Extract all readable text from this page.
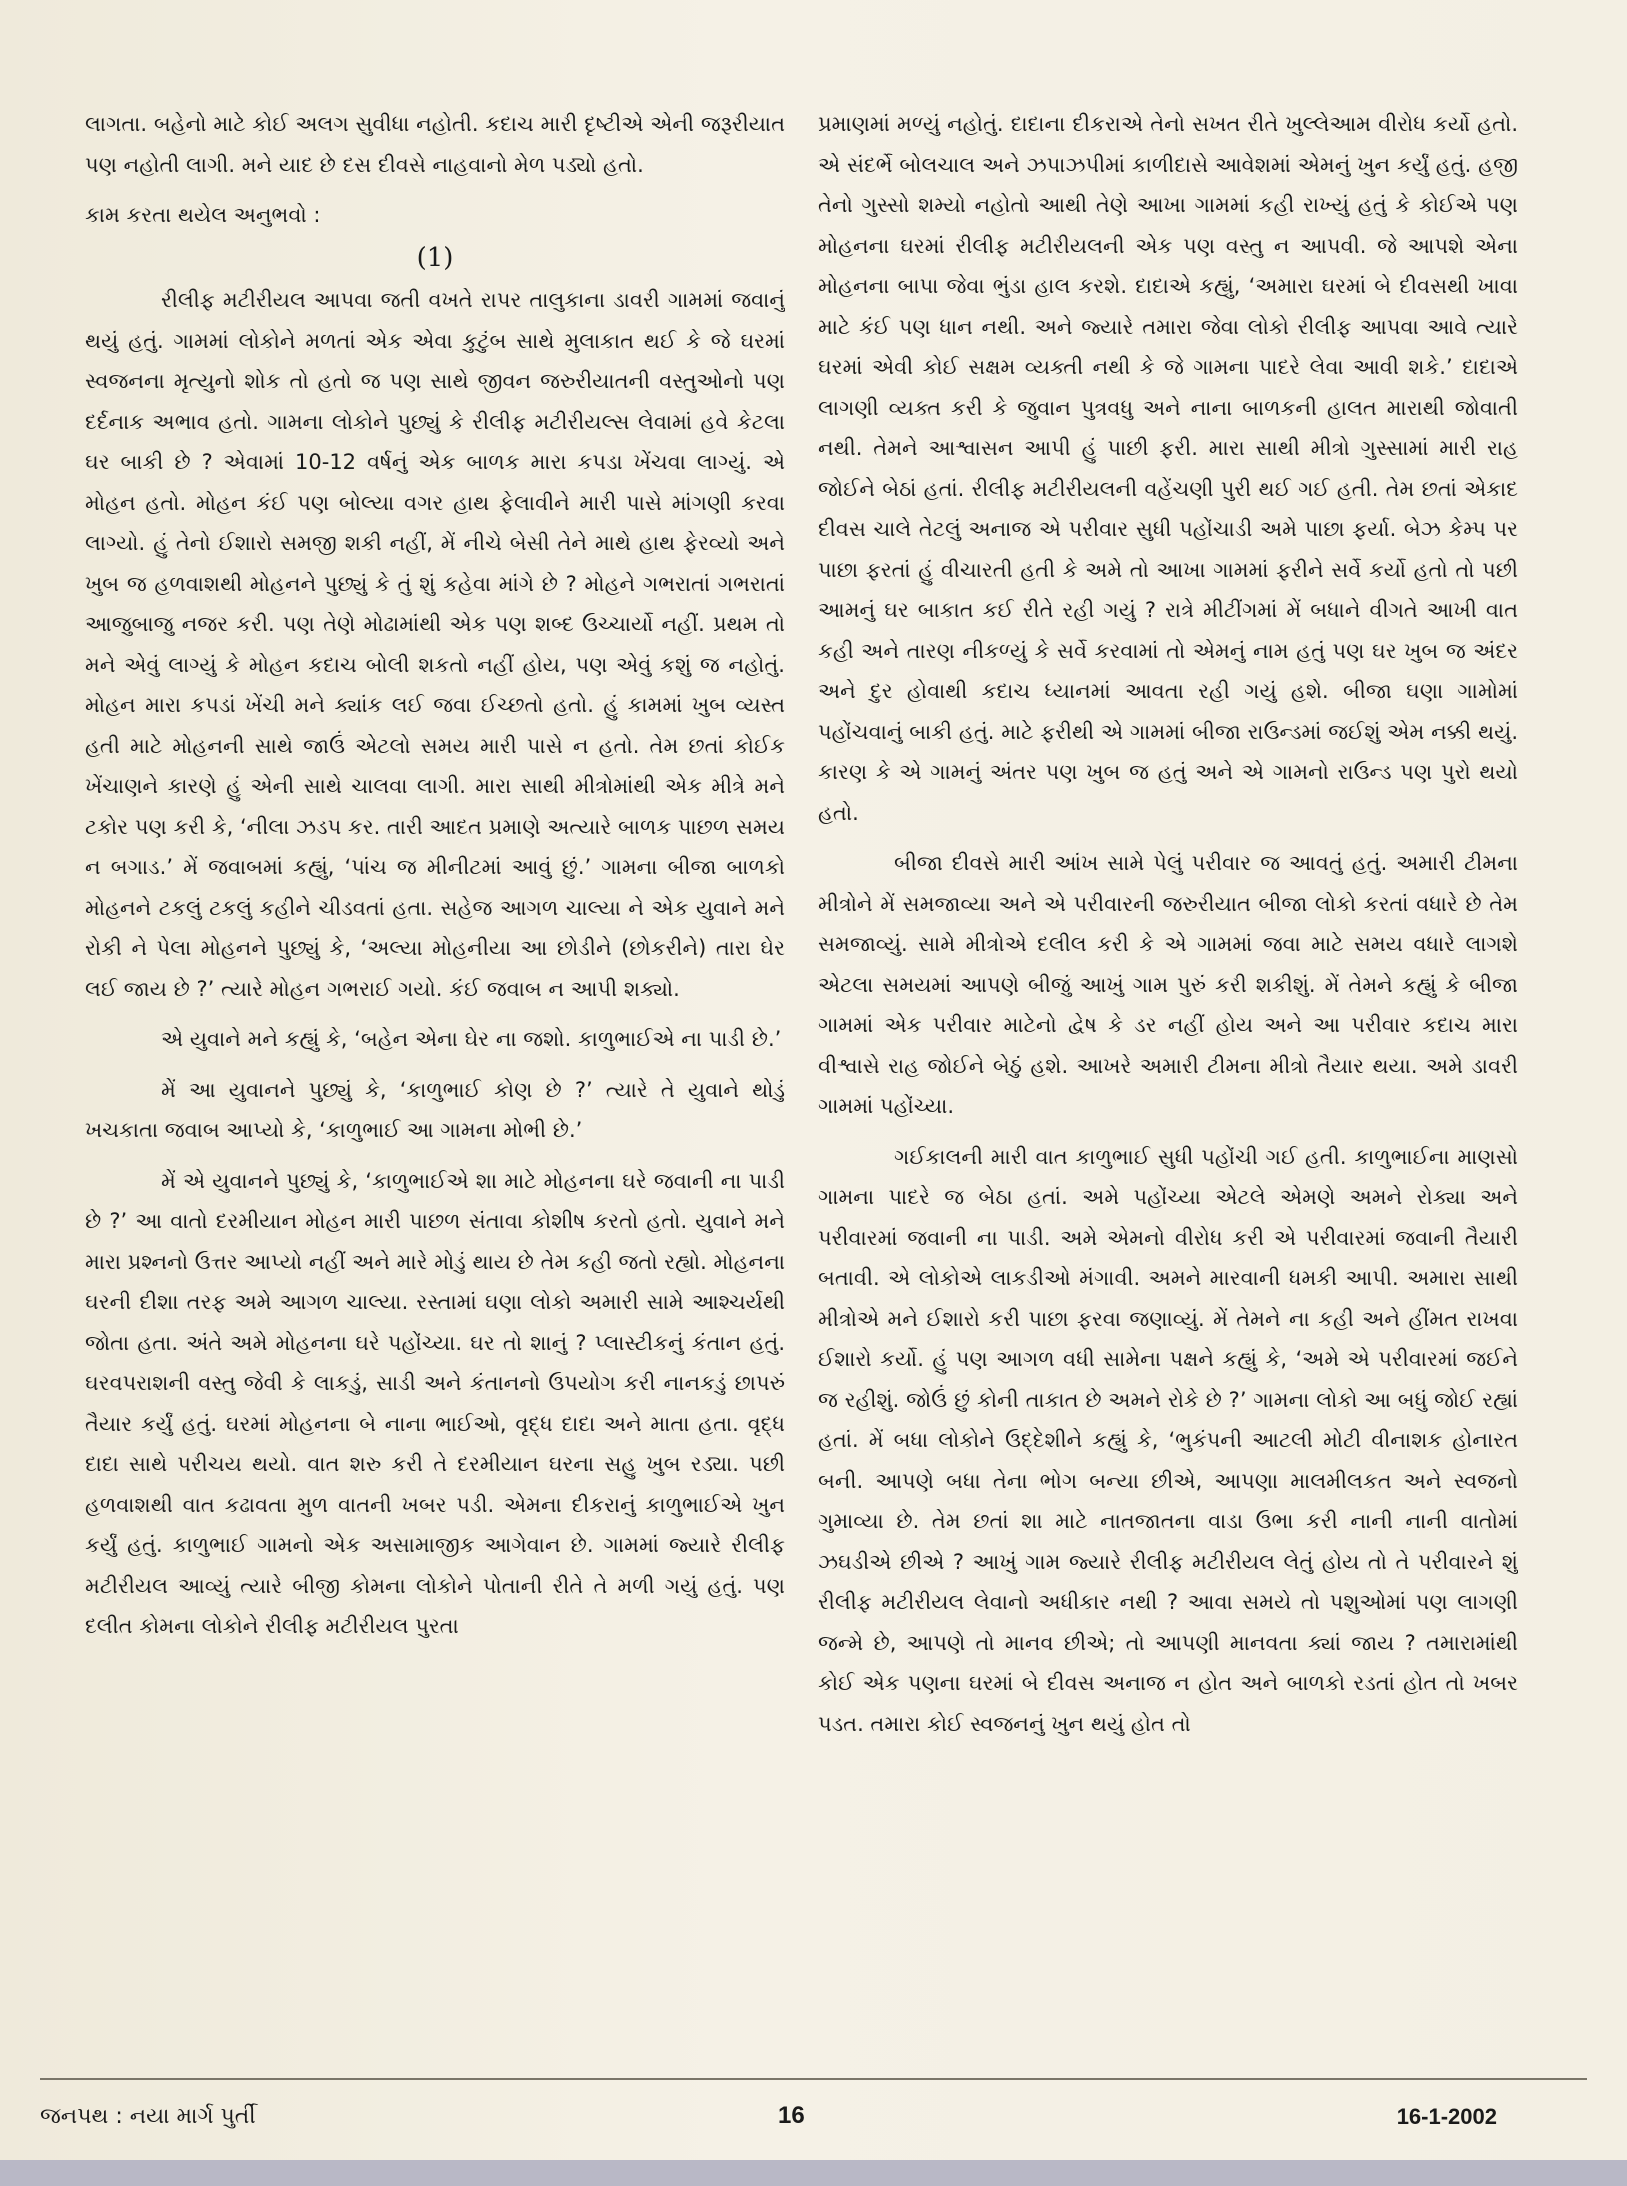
લાગતા. બહેનો માટે કોઈ અલગ સુવીધા નહોતી. કદાચ મારી દૃષ્ટીએ એની જરૂરીયાત પણ નહોતી લાગી. મને યાદ છે દસ દીવસે નાહવાનો મેળ પડ્યો હતો.

કામ કરતા થયેલ અનુભવો :

(1)

રીલીફ મટીરીયલ આપવા જતી વખતે રાપર તાલુકાના ડાવરી ગામમાં જવાનું થયું હતું. ગામમાં લોકોને મળતાં એક એવા કુટુંબ સાથે મુલાકાત થઈ કે જે ઘરમાં સ્વજનના મૃત્યુનો શોક તો હતો જ પણ સાથે જીવન જરુરીયાતની વસ્તુઓનો પણ દર્દનાક અભાવ હતો. ગામના લોકોને પુછ્યું કે રીલીફ મટીરીયલ્સ લેવામાં હવે કેટલા ઘર બાકી છે ? એવામાં 10-12 વર્ષનું એક બાળક મારા કપડા ખેંચવા લાગ્યું. એ મોહન હતો. મોહન કંઈ પણ બોલ્યા વગર હાથ ફેલાવીને મારી પાસે માંગણી કરવા લાગ્યો. હું તેનો ઈશારો સમજી શકી નહીં, મેં નીચે બેસી તેને માથે હાથ ફેરવ્યો અને ખુબ જ હળવાશથી મોહનને પુછ્યું કે તું શું કહેવા માંગે છે ? મોહને ગભરાતાં ગભરાતાં આજુબાજુ નજર કરી. પણ તેણે મોઢામાંથી એક પણ શબ્દ ઉચ્ચાર્યો નહીં. પ્રથમ તો મને એવું લાગ્યું કે મોહન કદાચ બોલી શકતો નહીં હોય, પણ એવું કશું જ નહોતું. મોહન મારા કપડાં ખેંચી મને ક્યાંક લઈ જવા ઈચ્છતો હતો. હું કામમાં ખુબ વ્યસ્ત હતી માટે મોહનની સાથે જાઉં એટલો સમય મારી પાસે ન હતો. તેમ છતાં કોઈક ખેંચાણને કારણે હું એની સાથે ચાલવા લાગી. મારા સાથી મીત્રોમાંથી એક મીત્રે મને ટકોર પણ કરી કે, ‘નીલા ઝડપ કર. તારી આદત પ્રમાણે અત્યારે બાળક પાછળ સમય ન બગાડ.’ મેં જવાબમાં કહ્યું, ‘પાંચ જ મીનીટમાં આવું છું.’ ગામના બીજા બાળકો મોહનને ટકલું ટકલું કહીને ચીડવતાં હતા. સહેજ આગળ ચાલ્યા ને એક યુવાને મને રોકી ને પેલા મોહનને પુછ્યું કે, ‘અલ્યા મોહનીયા આ છોડીને (છોકરીને) તારા ઘેર લઈ જાય છે ?’ ત્યારે મોહન ગભરાઈ ગયો. કંઈ જવાબ ન આપી શક્યો.

એ યુવાને મને કહ્યું કે, ‘બહેન એના ઘેર ના જશો. કાળુભાઈએ ના પાડી છે.’

મેં આ યુવાનને પુછ્યું કે, ‘કાળુભાઈ કોણ છે ?’ ત્યારે તે યુવાને થોડું ખચકાતા જવાબ આપ્યો કે, ‘કાળુભાઈ આ ગામના મોભી છે.’

મેં એ યુવાનને પુછ્યું કે, ‘કાળુભાઈએ શા માટે મોહનના ઘરે જવાની ના પાડી છે ?’ આ વાતો દરમીયાન મોહન મારી પાછળ સંતાવા કોશીષ કરતો હતો. યુવાને મને મારા પ્રશ્નનો ઉત્તર આપ્યો નહીં અને મારે મોડું થાય છે તેમ કહી જતો રહ્યો. મોહનના ઘરની દીશા તરફ અમે આગળ ચાલ્યા. રસ્તામાં ઘણા લોકો અમારી સામે આશ્ચર્યથી જોતા હતા. અંતે અમે મોહનના ઘરે પહોંચ્યા. ઘર તો શાનું ? પ્લાસ્ટીકનું કંતાન હતું. ઘરવપરાશની વસ્તુ જેવી કે લાકડું, સાડી અને કંતાનનો ઉપયોગ કરી નાનકડું છાપરું તૈયાર કર્યું હતું. ઘરમાં મોહનના બે નાના ભાઈઓ, વૃદ્ધ દાદા અને માતા હતા. વૃદ્ધ દાદા સાથે પરીચય થયો. વાત શરુ કરી તે દરમીયાન ઘરના સહુ ખુબ રડ્યા. પછી હળવાશથી વાત કઢાવતા મુળ વાતની ખબર પડી. એમના દીકરાનું કાળુભાઈએ ખુન કર્યું હતું. કાળુભાઈ ગામનો એક અસામાજીક આગેવાન છે. ગામમાં જ્યારે રીલીફ મટીરીયલ આવ્યું ત્યારે બીજી કોમના લોકોને પોતાની રીતે તે મળી ગયું હતું. પણ દલીત કોમના લોકોને રીલીફ મટીરીયલ પુરતા

પ્રમાણમાં મળ્યું નહોતું. દાદાના દીકરાએ તેનો સખત રીતે ખુલ્લેઆમ વીરોધ કર્યો હતો. એ સંદર્ભે બોલચાલ અને ઝપાઝપીમાં કાળીદાસે આવેશમાં એમનું ખુન કર્યું હતું. હજી તેનો ગુસ્સો શમ્યો નહોતો આથી તેણે આખા ગામમાં કહી રાખ્યું હતું કે કોઈએ પણ મોહનના ઘરમાં રીલીફ મટીરીયલની એક પણ વસ્તુ ન આપવી. જે આપશે એના મોહનના બાપા જેવા ભુંડા હાલ કરશે. દાદાએ કહ્યું, ‘અમારા ઘરમાં બે દીવસથી ખાવા માટે કંઈ પણ ધાન નથી. અને જ્યારે તમારા જેવા લોકો રીલીફ આપવા આવે ત્યારે ઘરમાં એવી કોઈ સક્ષમ વ્યક્તી નથી કે જે ગામના પાદરે લેવા આવી શકે.’ દાદાએ લાગણી વ્યક્ત કરી કે જુવાન પુત્રવધુ અને નાના બાળકની હાલત મારાથી જોવાતી નથી. તેમને આશ્વાસન આપી હું પાછી ફરી. મારા સાથી મીત્રો ગુસ્સામાં મારી રાહ જોઈને બેઠાં હતાં. રીલીફ મટીરીયલની વહેંચણી પુરી થઈ ગઈ હતી. તેમ છતાં એકાદ દીવસ ચાલે તેટલું અનાજ એ પરીવાર સુધી પહોંચાડી અમે પાછા ફર્યા. બેઝ કેમ્પ પર પાછા ફરતાં હું વીચારતી હતી કે અમે તો આખા ગામમાં ફરીને સર્વે કર્યો હતો તો પછી આમનું ઘર બાકાત કઈ રીતે રહી ગયું ? રાત્રે મીટીંગમાં મેં બધાને વીગતે આખી વાત કહી અને તારણ નીકળ્યું કે સર્વે કરવામાં તો એમનું નામ હતું પણ ઘર ખુબ જ અંદર અને દુર હોવાથી કદાચ ધ્યાનમાં આવતા રહી ગયું હશે. બીજા ઘણા ગામોમાં પહોંચવાનું બાકી હતું. માટે ફરીથી એ ગામમાં બીજા રાઉન્ડમાં જઈશું એમ નક્કી થયું. કારણ કે એ ગામનું અંતર પણ ખુબ જ હતું અને એ ગામનો રાઉન્ડ પણ પુરો થયો હતો.

બીજા દીવસે મારી આંખ સામે પેલું પરીવાર જ આવતું હતું. અમારી ટીમના મીત્રોને મેં સમજાવ્યા અને એ પરીવારની જરુરીયાત બીજા લોકો કરતાં વધારે છે તેમ સમજાવ્યું. સામે મીત્રોએ દલીલ કરી કે એ ગામમાં જવા માટે સમય વધારે લાગશે એટલા સમયમાં આપણે બીજું આખું ગામ પુરું કરી શકીશું. મેં તેમને કહ્યું કે બીજા ગામમાં એક પરીવાર માટેનો દ્વેષ કે ડર નહીં હોય અને આ પરીવાર કદાચ મારા વીશ્વાસે રાહ જોઈને બેઠું હશે. આખરે અમારી ટીમના મીત્રો તૈયાર થયા. અમે ડાવરી ગામમાં પહોંચ્યા.

ગઈકાલની મારી વાત કાળુભાઈ સુધી પહોંચી ગઈ હતી. કાળુભાઈના માણસો ગામના પાદરે જ બેઠા હતાં. અમે પહોંચ્યા એટલે એમણે અમને રોક્યા અને પરીવારમાં જવાની ના પાડી. અમે એમનો વીરોધ કરી એ પરીવારમાં જવાની તૈયારી બતાવી. એ લોકોએ લાકડીઓ મંગાવી. અમને મારવાની ધમકી આપી. અમારા સાથી મીત્રોએ મને ઈશારો કરી પાછા ફરવા જણાવ્યું. મેં તેમને ના કહી અને હીંમત રાખવા ઈશારો કર્યો. હું પણ આગળ વધી સામેના પક્ષને કહ્યું કે, ‘અમે એ પરીવારમાં જઈને જ રહીશું. જોઉં છું કોની તાકાત છે અમને રોકે છે ?’ ગામના લોકો આ બધું જોઈ રહ્યાં હતાં. મેં બધા લોકોને ઉદ્દેશીને કહ્યું કે, ‘ભુકંપની આટલી મોટી વીનાશક હોનારત બની. આપણે બધા તેના ભોગ બન્યા છીએ, આપણા માલમીલકત અને સ્વજનો ગુમાવ્યા છે. તેમ છતાં શા માટે નાતજાતના વાડા ઉભા કરી નાની નાની વાતોમાં ઝઘડીએ છીએ ? આખું ગામ જ્યારે રીલીફ મટીરીયલ લેતું હોય તો તે પરીવારને શું રીલીફ મટીરીયલ લેવાનો અધીકાર નથી ? આવા સમયે તો પશુઓમાં પણ લાગણી જન્મે છે, આપણે તો માનવ છીએ; તો આપણી માનવતા ક્યાં જાય ? તમારામાંથી કોઈ એક પણના ઘરમાં બે દીવસ અનાજ ન હોત અને બાળકો રડતાં હોત તો ખબર પડત. તમારા કોઈ સ્વજનનું ખુન થયું હોત તો

જનપથ : નયા માર્ગ પુર્તી	16	16-1-2002
